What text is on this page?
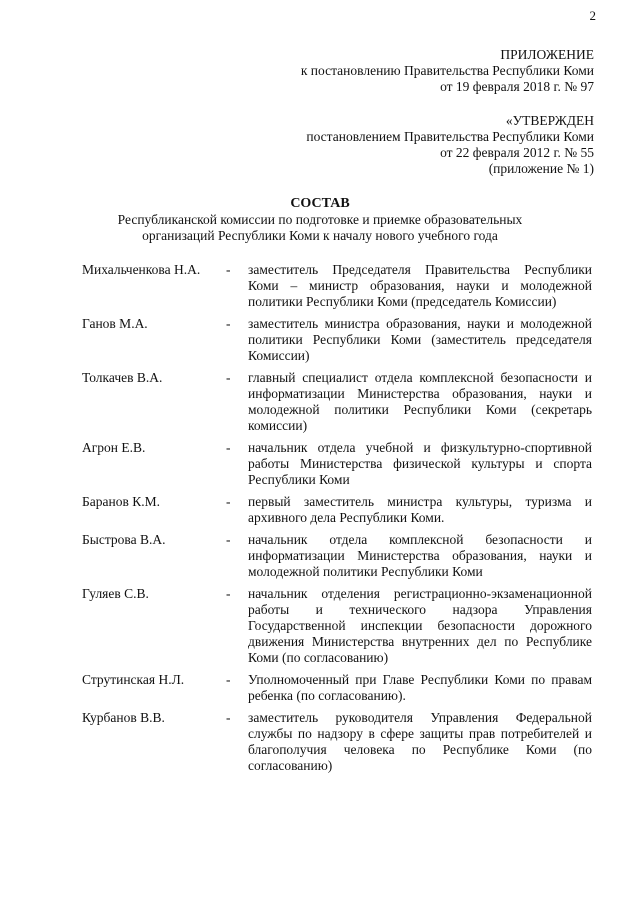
2
ПРИЛОЖЕНИЕ
к постановлению Правительства Республики Коми
от 19 февраля 2018 г. № 97
«УТВЕРЖДЕН
постановлением Правительства Республики Коми
от 22 февраля 2012 г. № 55
(приложение № 1)
СОСТАВ
Республиканской комиссии по подготовке и приемке образовательных
организаций Республики Коми к началу нового учебного года
Михальченкова Н.А.	-	заместитель Председателя Правительства Республики Коми – министр образования, науки и молодежной политики Республики Коми (председатель Комиссии)
Ганов М.А.	-	заместитель министра образования, науки и молодежной политики Республики Коми (заместитель председателя Комиссии)
Толкачев В.А.	-	главный специалист отдела комплексной безопасности и информатизации Министерства образования, науки и молодежной политики Республики Коми (секретарь комиссии)
Агрон Е.В.	-	начальник отдела учебной и физкультурно-спортивной работы Министерства физической культуры и спорта Республики Коми
Баранов К.М.	-	первый заместитель министра культуры, туризма и архивного дела Республики Коми.
Быстрова В.А.	-	начальник отдела комплексной безопасности и информатизации Министерства образования, науки и молодежной политики Республики Коми
Гуляев С.В.	-	начальник отделения регистрационно-экзаменационной работы и технического надзора Управления Государственной инспекции безопасности дорожного движения Министерства внутренних дел по Республике Коми (по согласованию)
Струтинская Н.Л.	-	Уполномоченный при Главе Республики Коми по правам ребенка (по согласованию).
Курбанов В.В.	-	заместитель руководителя Управления Федеральной службы по надзору в сфере защиты прав потребителей и благополучия человека по Республике Коми (по согласованию)
